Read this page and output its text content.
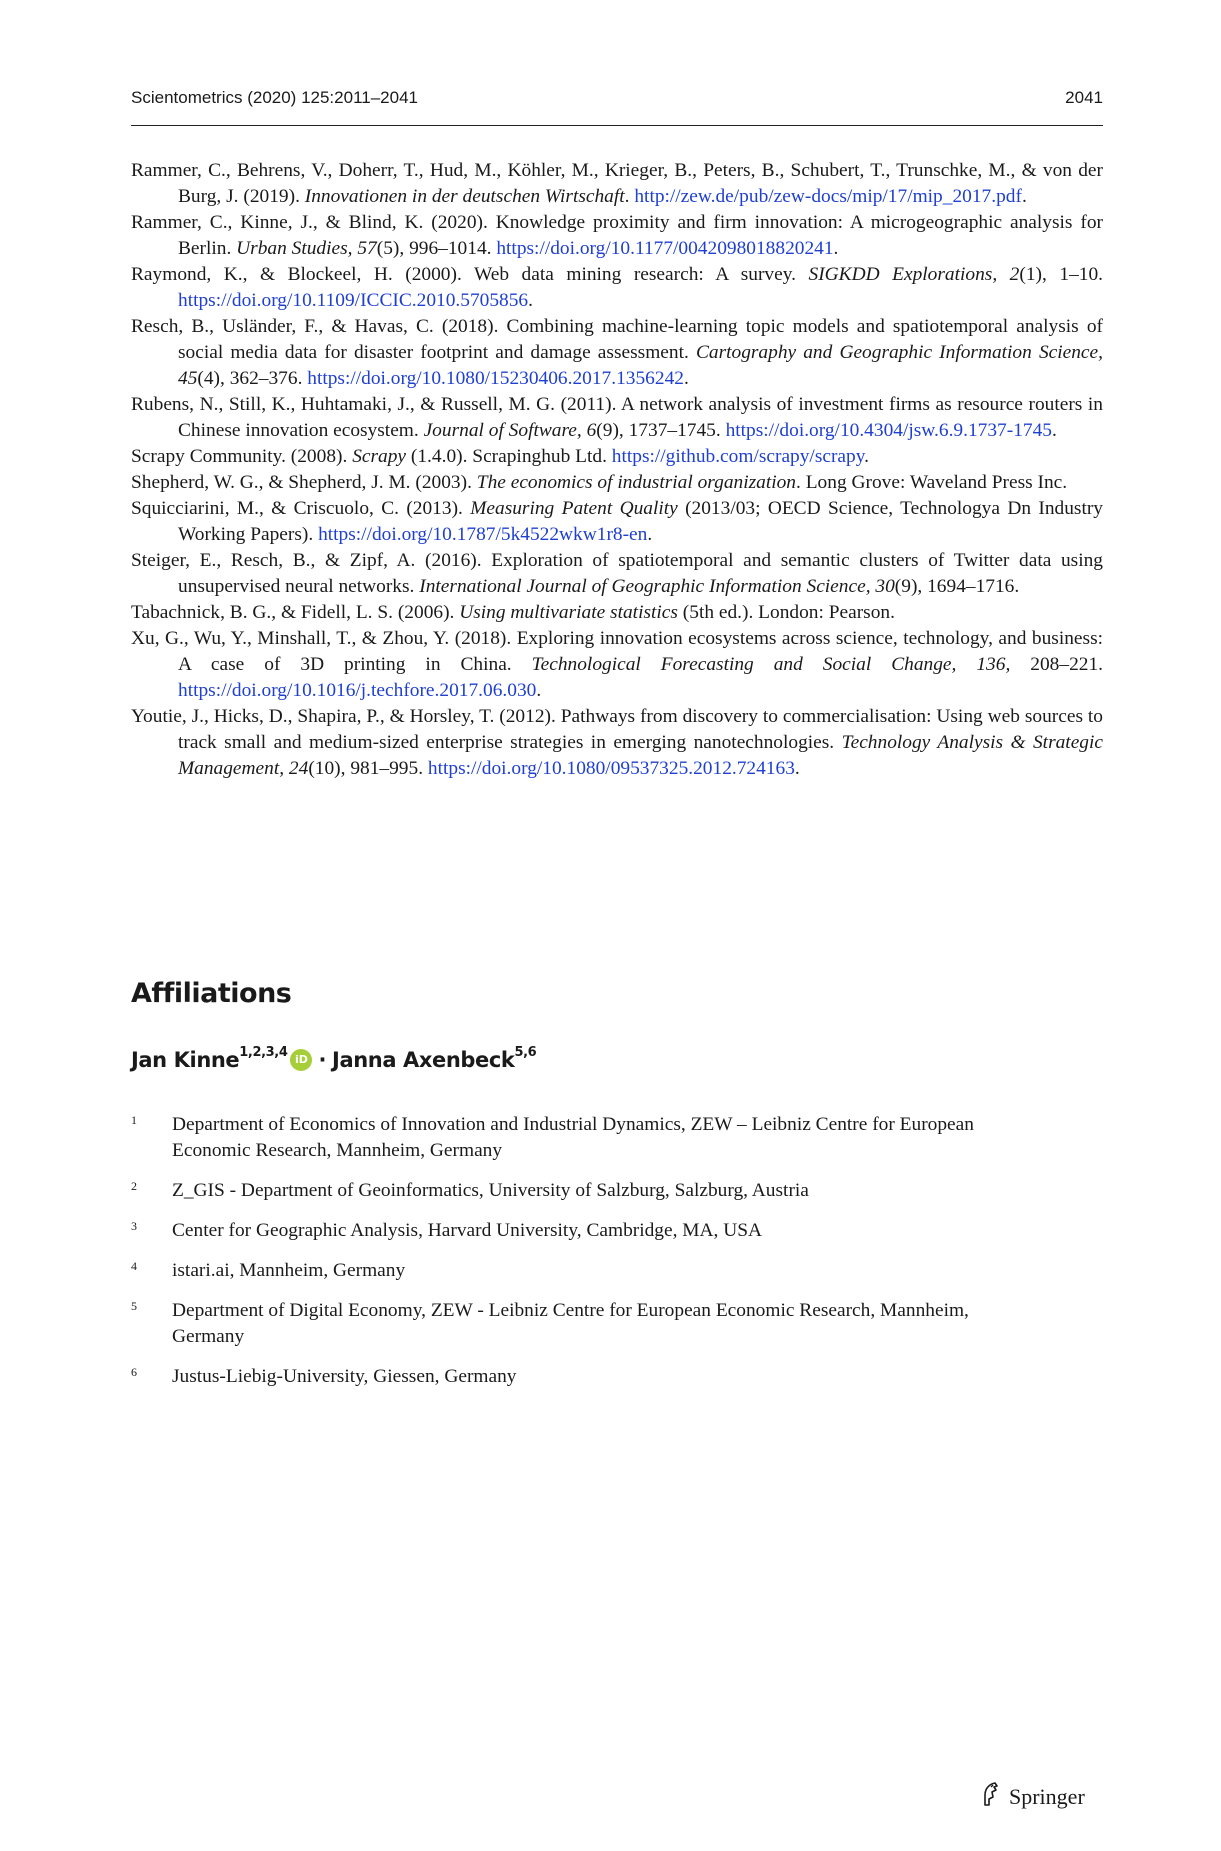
Scientometrics (2020) 125:2011–2041	2041

Rammer, C., Behrens, V., Doherr, T., Hud, M., Köhler, M., Krieger, B., Peters, B., Schubert, T., Trunschke, M., & von der Burg, J. (2019). Innovationen in der deutschen Wirtschaft. http://zew.de/pub/zew-docs/mip/17/mip_2017.pdf.

Rammer, C., Kinne, J., & Blind, K. (2020). Knowledge proximity and firm innovation: A microgeographic analysis for Berlin. Urban Studies, 57(5), 996–1014. https://doi.org/10.1177/0042098018820241.

Raymond, K., & Blockeel, H. (2000). Web data mining research: A survey. SIGKDD Explorations, 2(1), 1–10. https://doi.org/10.1109/ICCIC.2010.5705856.

Resch, B., Usländer, F., & Havas, C. (2018). Combining machine-learning topic models and spatiotemporal analysis of social media data for disaster footprint and damage assessment. Cartography and Geographic Information Science, 45(4), 362–376. https://doi.org/10.1080/15230406.2017.1356242.

Rubens, N., Still, K., Huhtamaki, J., & Russell, M. G. (2011). A network analysis of investment firms as resource routers in Chinese innovation ecosystem. Journal of Software, 6(9), 1737–1745. https://doi.org/10.4304/jsw.6.9.1737-1745.

Scrapy Community. (2008). Scrapy (1.4.0). Scrapinghub Ltd. https://github.com/scrapy/scrapy.

Shepherd, W. G., & Shepherd, J. M. (2003). The economics of industrial organization. Long Grove: Waveland Press Inc.

Squicciarini, M., & Criscuolo, C. (2013). Measuring Patent Quality (2013/03; OECD Science, Technologya Dn Industry Working Papers). https://doi.org/10.1787/5k4522wkw1r8-en.

Steiger, E., Resch, B., & Zipf, A. (2016). Exploration of spatiotemporal and semantic clusters of Twitter data using unsupervised neural networks. International Journal of Geographic Information Science, 30(9), 1694–1716.

Tabachnick, B. G., & Fidell, L. S. (2006). Using multivariate statistics (5th ed.). London: Pearson.

Xu, G., Wu, Y., Minshall, T., & Zhou, Y. (2018). Exploring innovation ecosystems across science, technology, and business: A case of 3D printing in China. Technological Forecasting and Social Change, 136, 208–221. https://doi.org/10.1016/j.techfore.2017.06.030.

Youtie, J., Hicks, D., Shapira, P., & Horsley, T. (2012). Pathways from discovery to commercialisation: Using web sources to track small and medium-sized enterprise strategies in emerging nanotechnologies. Technology Analysis & Strategic Management, 24(10), 981–995. https://doi.org/10.1080/09537325.2012.724163.

Affiliations
Jan Kinne$^{1,2,3,4}$ iD · Janna Axenbeck$^{5,6}$
1 Department of Economics of Innovation and Industrial Dynamics, ZEW – Leibniz Centre for European Economic Research, Mannheim, Germany
2 Z_GIS - Department of Geoinformatics, University of Salzburg, Salzburg, Austria
3 Center for Geographic Analysis, Harvard University, Cambridge, MA, USA
4 istari.ai, Mannheim, Germany
5 Department of Digital Economy, ZEW - Leibniz Centre for European Economic Research, Mannheim, Germany
6 Justus-Liebig-University, Giessen, Germany
Springer
